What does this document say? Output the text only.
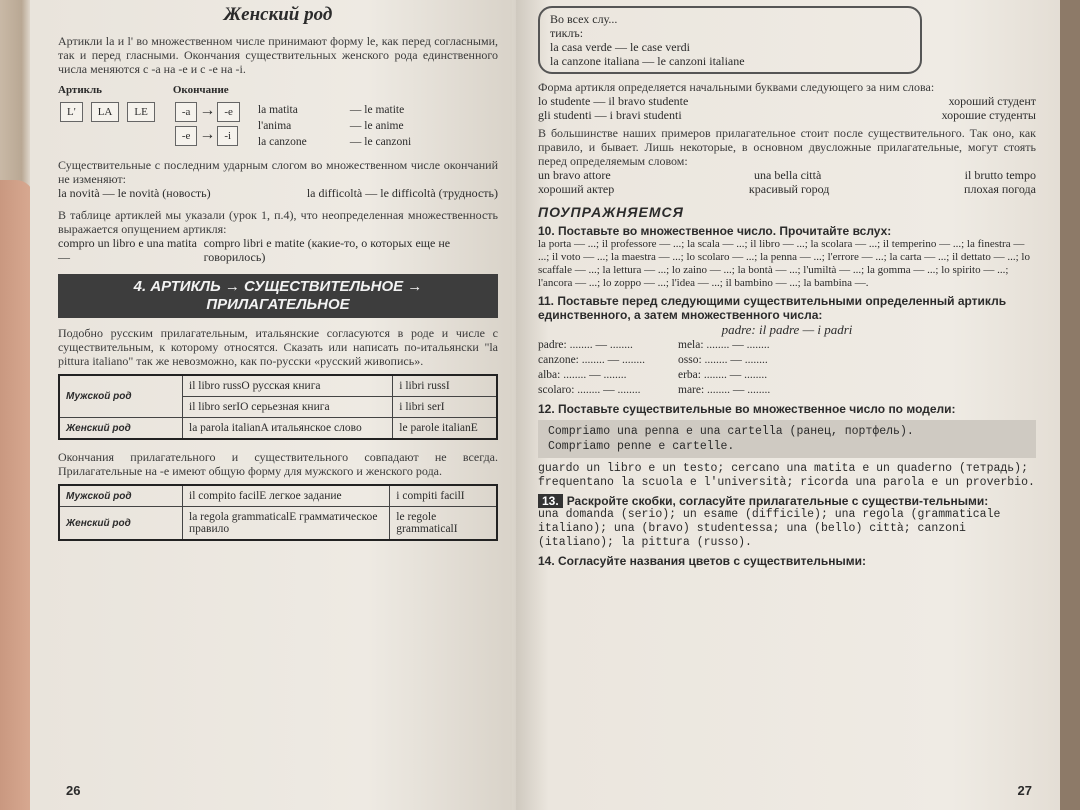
Женский род

Артикли la и l' во множественном числе принимают форму le, как перед согласными, так и перед гласными. Окончания существительных женского рода единственного числа меняются с -a на -e и с -e на -i.

Артикль
L' LA LE
Окончание
-a → -e
-e → -i
la matita	— le matite
l'anima	— le anime
la canzone	— le canzoni

Существительные с последним ударным слогом во множественном числе окончаний не изменяют:

la novità — le novità (новость)	la difficoltà — le difficoltà (трудность)

В таблице артиклей мы указали (урок 1, п.4), что неопределенная множественность выражается опущением артикля:

compro un libro e una matita —
compro libri e matite (какие-то, о которых еще не говорилось)
4. АРТИКЛЬ → СУЩЕСТВИТЕЛЬНОЕ → ПРИЛАГАТЕЛЬНОЕ

Подобно русским прилагательным, итальянские согласуются в роде и числе с существительным, к которому относятся. Сказать или написать по-итальянски "la pittura italiano" так же невозможно, как по-русски «русский живопись».

Мужской род	il libro russO русская книга	i libri russI
	il libro serIO серьезная книга	i libri serI
Женский род	la parola italianA итальянское слово	le parole italianE

Окончания прилагательного и существительного совпадают не всегда. Прилагательные на -e имеют общую форму для мужского и женского рода.

Мужской род	il compito facilE легкое задание	i compiti facilI
Женский род	la regola grammaticalE грамматическое правило	le regole grammaticalI
26
Во всех слу...
тиклъ:
la casa verde — le case verdi
la canzone italiana — le canzoni italiane

Форма артикля определяется начальными буквами следующего за ним слова:

lo studente — il bravo studente	хороший студент
gli studenti — i bravi studenti	хорошие студенты

В большинстве наших примеров прилагательное стоит после существительного. Так оно, как правило, и бывает. Лишь некоторые, в основном двусложные прилагательные, могут стоять перед определяемым словом:

un bravo attore	una bella città	il brutto tempo
хороший актер	красивый город	плохая погода
ПОУПРАЖНЯЕМСЯ
10. Поставьте во множественное число. Прочитайте вслух:

la porta — ...; il professore — ...; la scala — ...; il libro — ...; la scolara — ...; il temperino — ...; la finestra — ...; il voto — ...; la maestra — ...; lo scolaro — ...; la penna — ...; l'errore — ...; la carta — ...; il dettato — ...; lo scaffale — ...; la lettura — ...; lo zaino — ...; la bontà — ...; l'umiltà — ...; la gomma — ...; lo spirito — ...; l'ancora — ...; lo zoppo — ...; l'idea — ...; il bambino — ...; la bambina —.

11. Поставьте перед следующими существительными определенный артикль единственного, а затем множественного числа:
padre: il padre — i padri
padre: ........ — ........	mela: ........ — ........
canzone: ........ — ........	osso: ........ — ........
alba: ........ — ........	erba: ........ — ........
scolaro: ........ — ........	mare: ........ — ........
12. Поставьте существительные во множественное число по модели:
Compriamo una penna e una cartella (ранец, портфель).
Compriamo penne e cartelle.

guardo un libro e un testo; cercano una matita e un quaderno (тетрадь); frequentano la scuola e l'università; ricorda una parola e un proverbio.

13. Раскройте скобки, согласуйте прилагательные с существи-тельными:

una domanda (serio); un esame (difficile); una regola (grammaticale italiano); una (bravo) studentessa; una (bello) città; canzoni (italiano); la pittura (russo).

14. Согласуйте названия цветов с существительными:
27
